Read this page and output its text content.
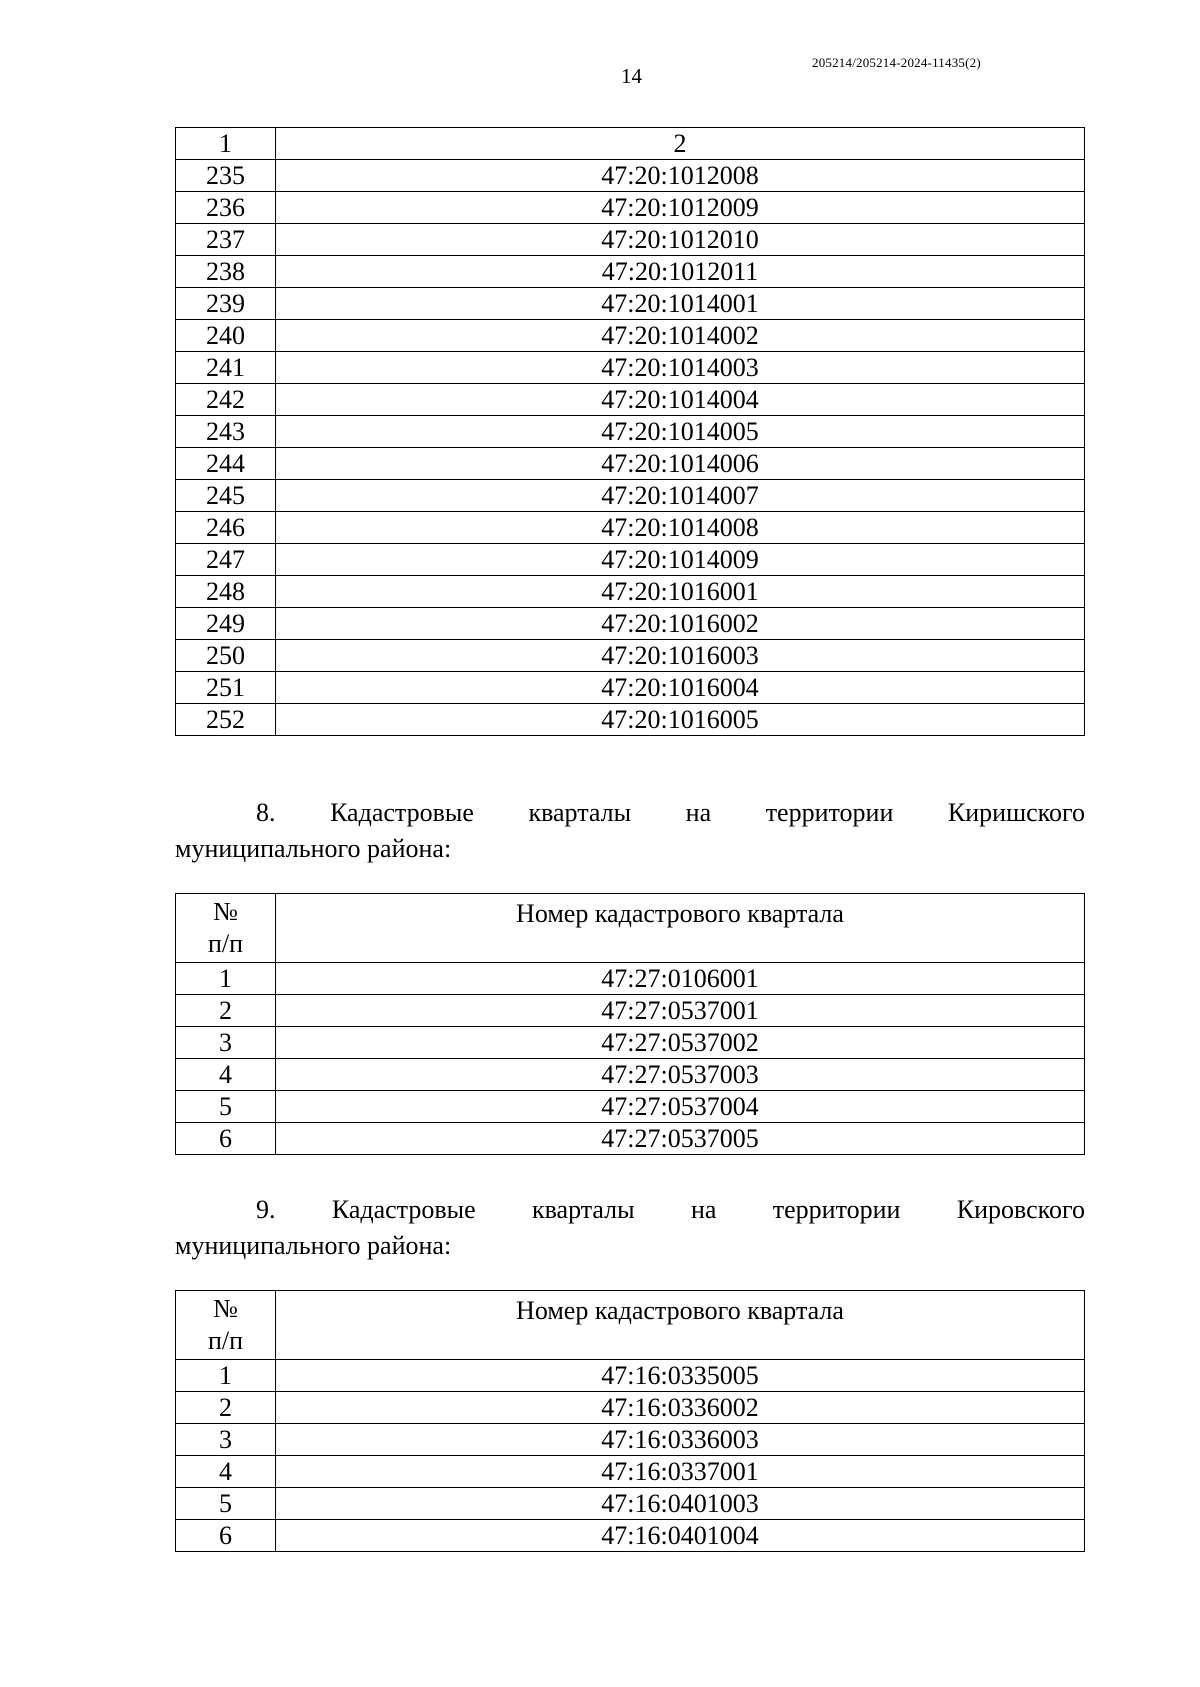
14
205214/205214-2024-11435(2)
1	2
235	47:20:1012008
236	47:20:1012009
237	47:20:1012010
238	47:20:1012011
239	47:20:1014001
240	47:20:1014002
241	47:20:1014003
242	47:20:1014004
243	47:20:1014005
244	47:20:1014006
245	47:20:1014007
246	47:20:1014008
247	47:20:1014009
248	47:20:1016001
249	47:20:1016002
250	47:20:1016003
251	47:20:1016004
252	47:20:1016005
8. Кадастровые кварталы на территории Киришского
муниципального района:
№
п/п	Номер кадастрового квартала
1	47:27:0106001
2	47:27:0537001
3	47:27:0537002
4	47:27:0537003
5	47:27:0537004
6	47:27:0537005
9. Кадастровые кварталы на территории Кировского
муниципального района:
№
п/п	Номер кадастрового квартала
1	47:16:0335005
2	47:16:0336002
3	47:16:0336003
4	47:16:0337001
5	47:16:0401003
6	47:16:0401004
